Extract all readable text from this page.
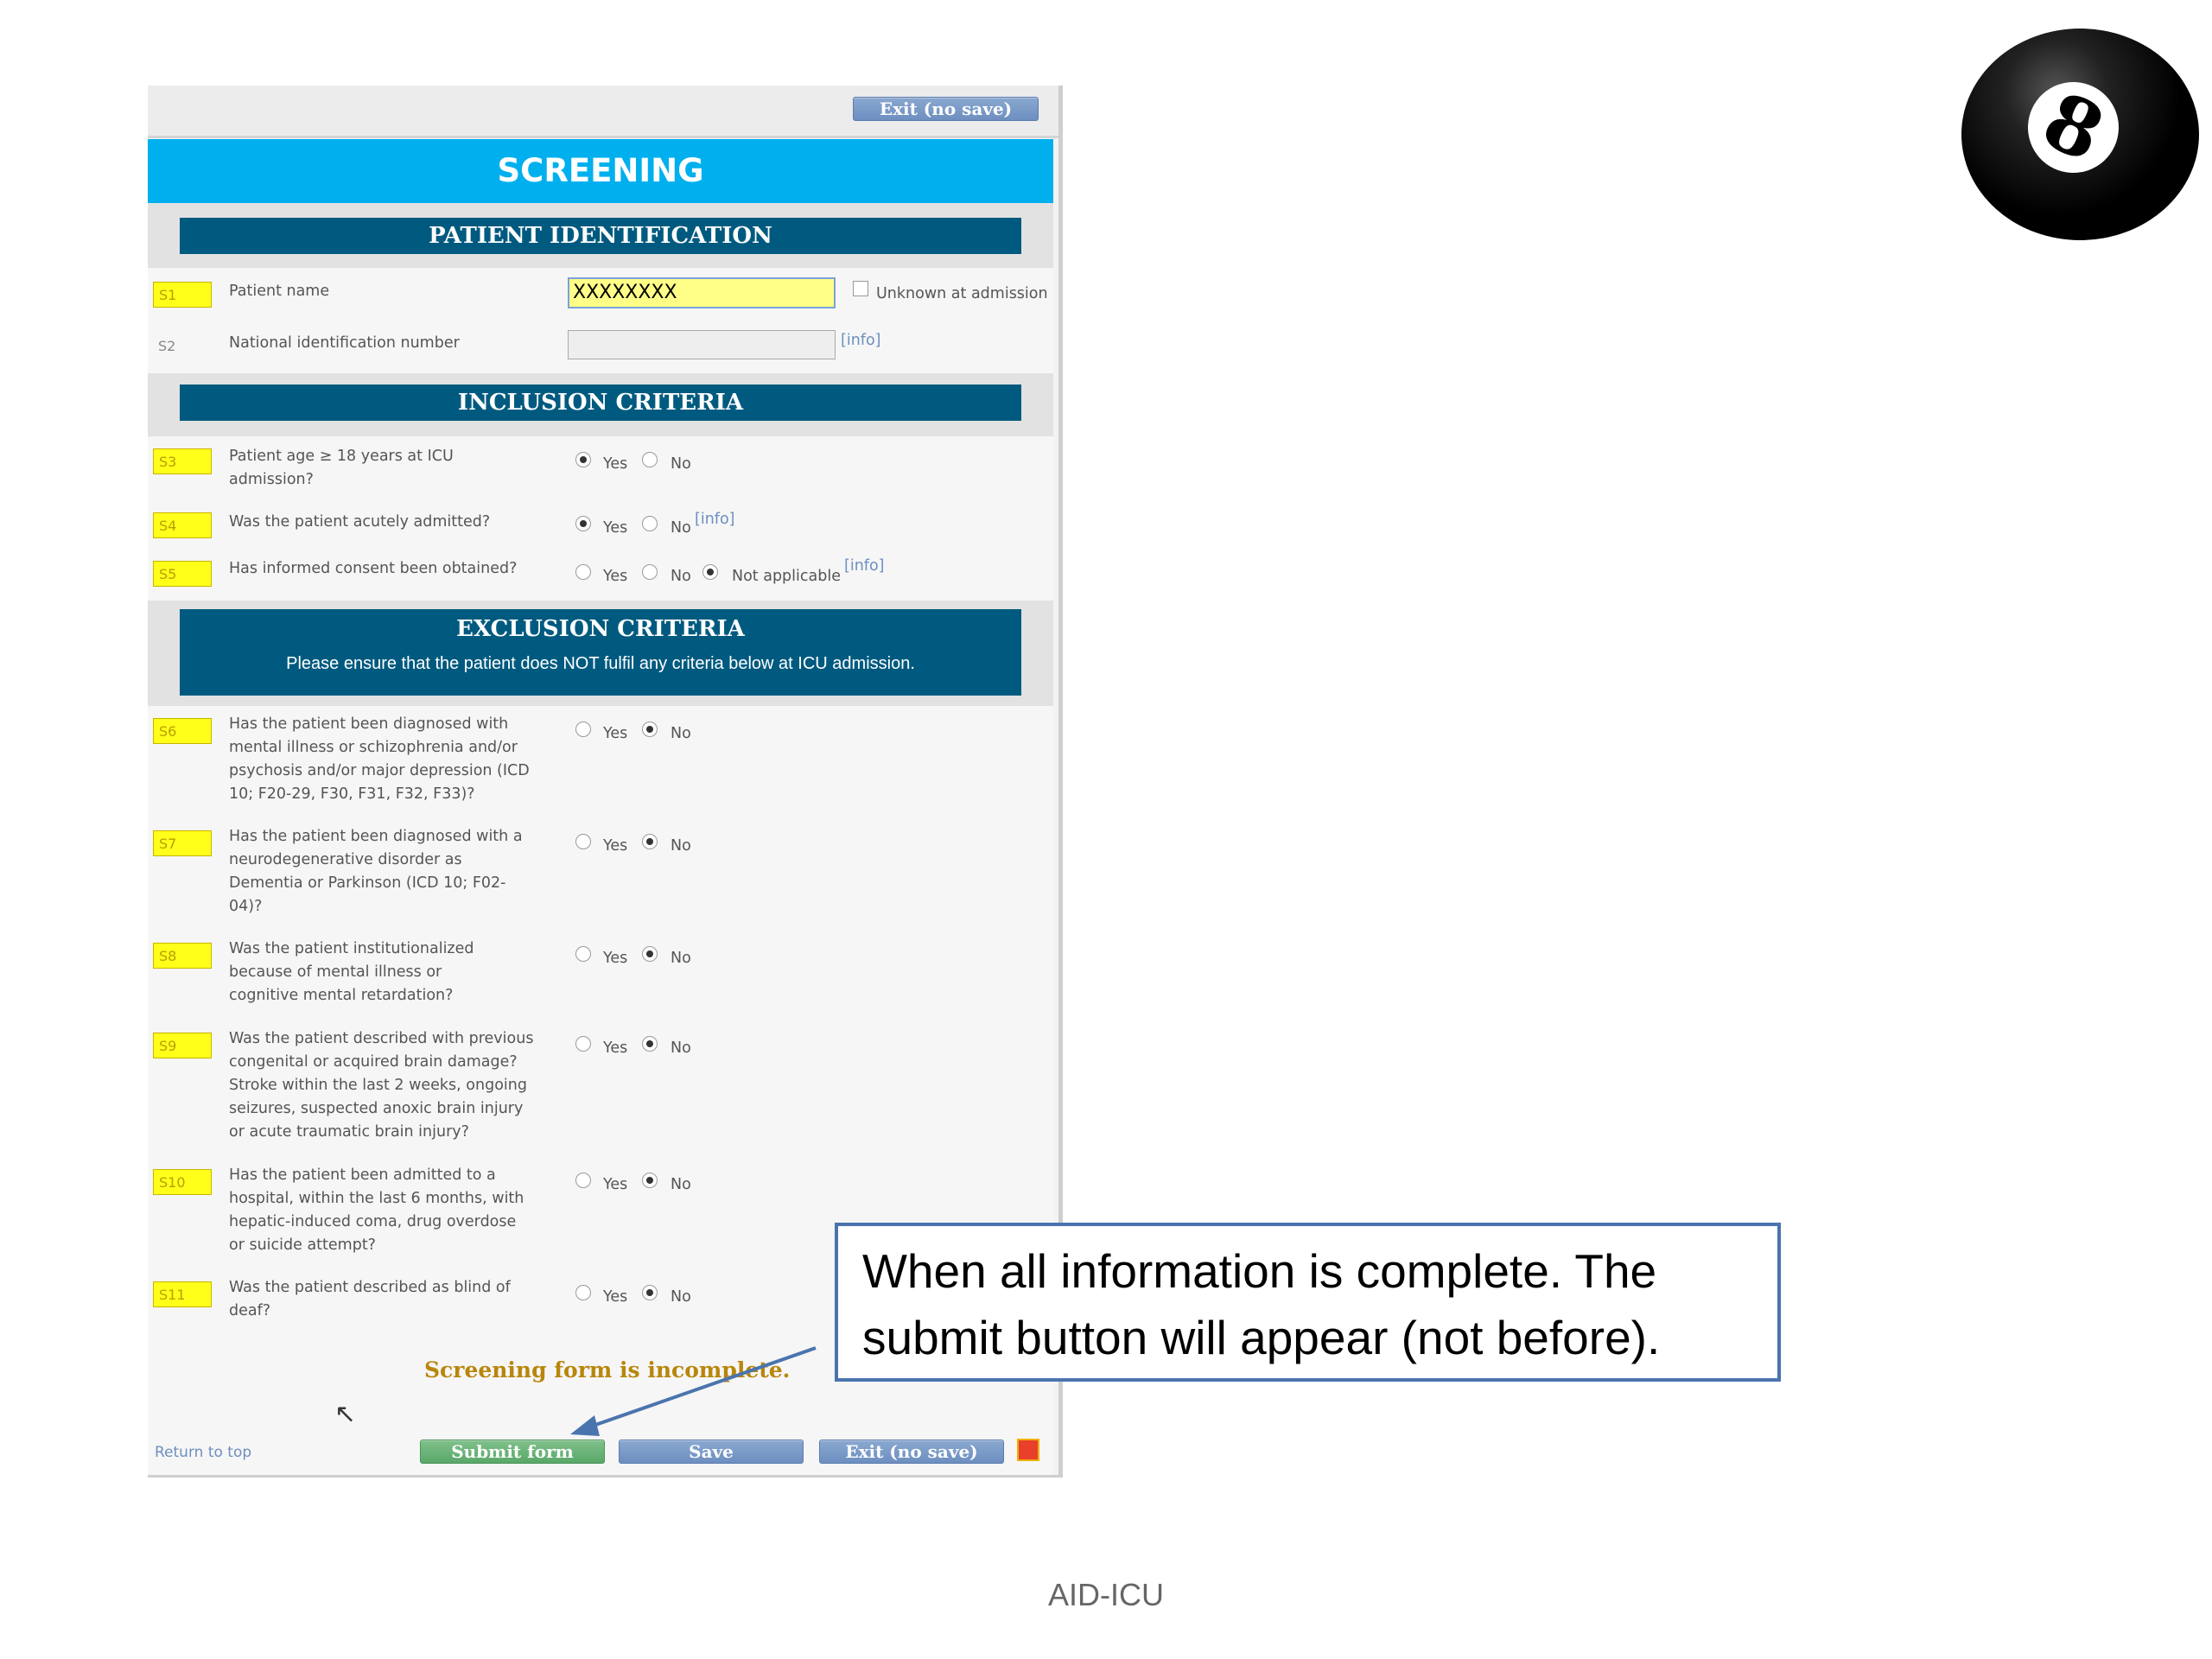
8
Exit (no save)
SCREENING
PATIENT IDENTIFICATION
S1	Patient name	XXXXXXXX	Unknown at admission
S2	National identification number	[info]
INCLUSION CRITERIA
S3	Patient age ≥ 18 years at ICU admission?
Yes	No
S4	Was the patient acutely admitted?	Yes	No [info]
S5	Has informed consent been obtained?	Yes	No	Not applicable
[info]
EXCLUSION CRITERIA
Please ensure that the patient does NOT fulfil any criteria below at ICU admission.
S6	Has the patient been diagnosed with mental illness or schizophrenia and/or psychosis and/or major depression (ICD 10; F20-29, F30, F31, F32, F33)?
Yes	No
S7	Has the patient been diagnosed with a neurodegenerative disorder as Dementia or Parkinson (ICD 10; F02-04)?
Yes	No
S8	Was the patient institutionalized because of mental illness or cognitive mental retardation?
Yes	No
S9	Was the patient described with previous congenital or acquired brain damage? Stroke within the last 2 weeks, ongoing seizures, suspected anoxic brain injury or acute traumatic brain injury?
Yes	No
S10	Has the patient been admitted to a hospital, within the last 6 months, with hepatic-induced coma, drug overdose or suicide attempt?
Yes	No
S11	Was the patient described as blind of deaf?
Yes	No
Screening form is incomplete.
↖
Return to top	Submit form	Save	Exit (no save)
When all information is complete. The
submit button will appear (not before).
AID-ICU
